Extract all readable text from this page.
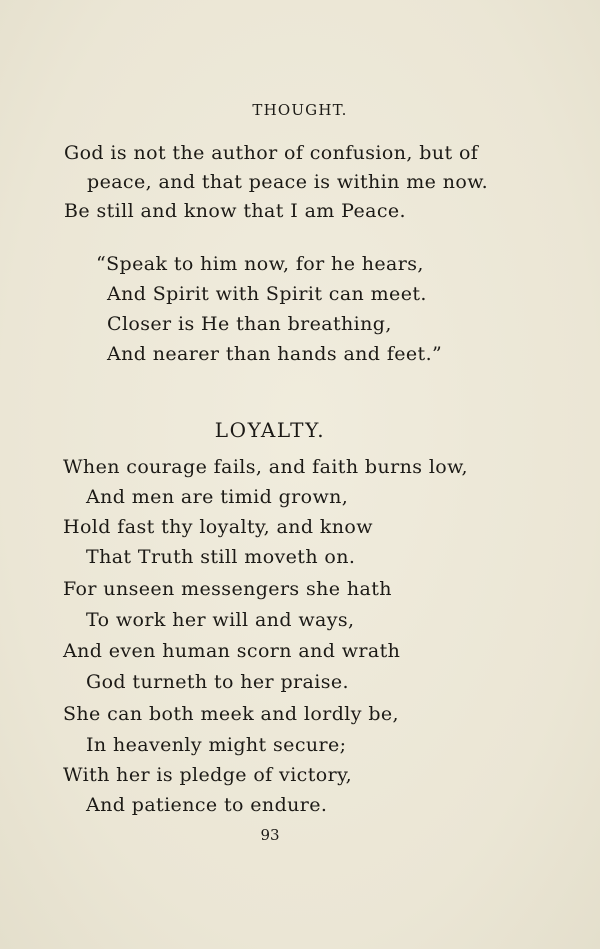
THOUGHT.
God is not the author of confusion, but of
peace, and that peace is within me now.
Be still and know that I am Peace.
“Speak to him now, for he hears,
And Spirit with Spirit can meet.
Closer is He than breathing,
And nearer than hands and feet.”
LOYALTY.
When courage fails, and faith burns low,
And men are timid grown,
Hold fast thy loyalty, and know
That Truth still moveth on.
For unseen messengers she hath
To work her will and ways,
And even human scorn and wrath
God turneth to her praise.
She can both meek and lordly be,
In heavenly might secure;
With her is pledge of victory,
And patience to endure.
93
